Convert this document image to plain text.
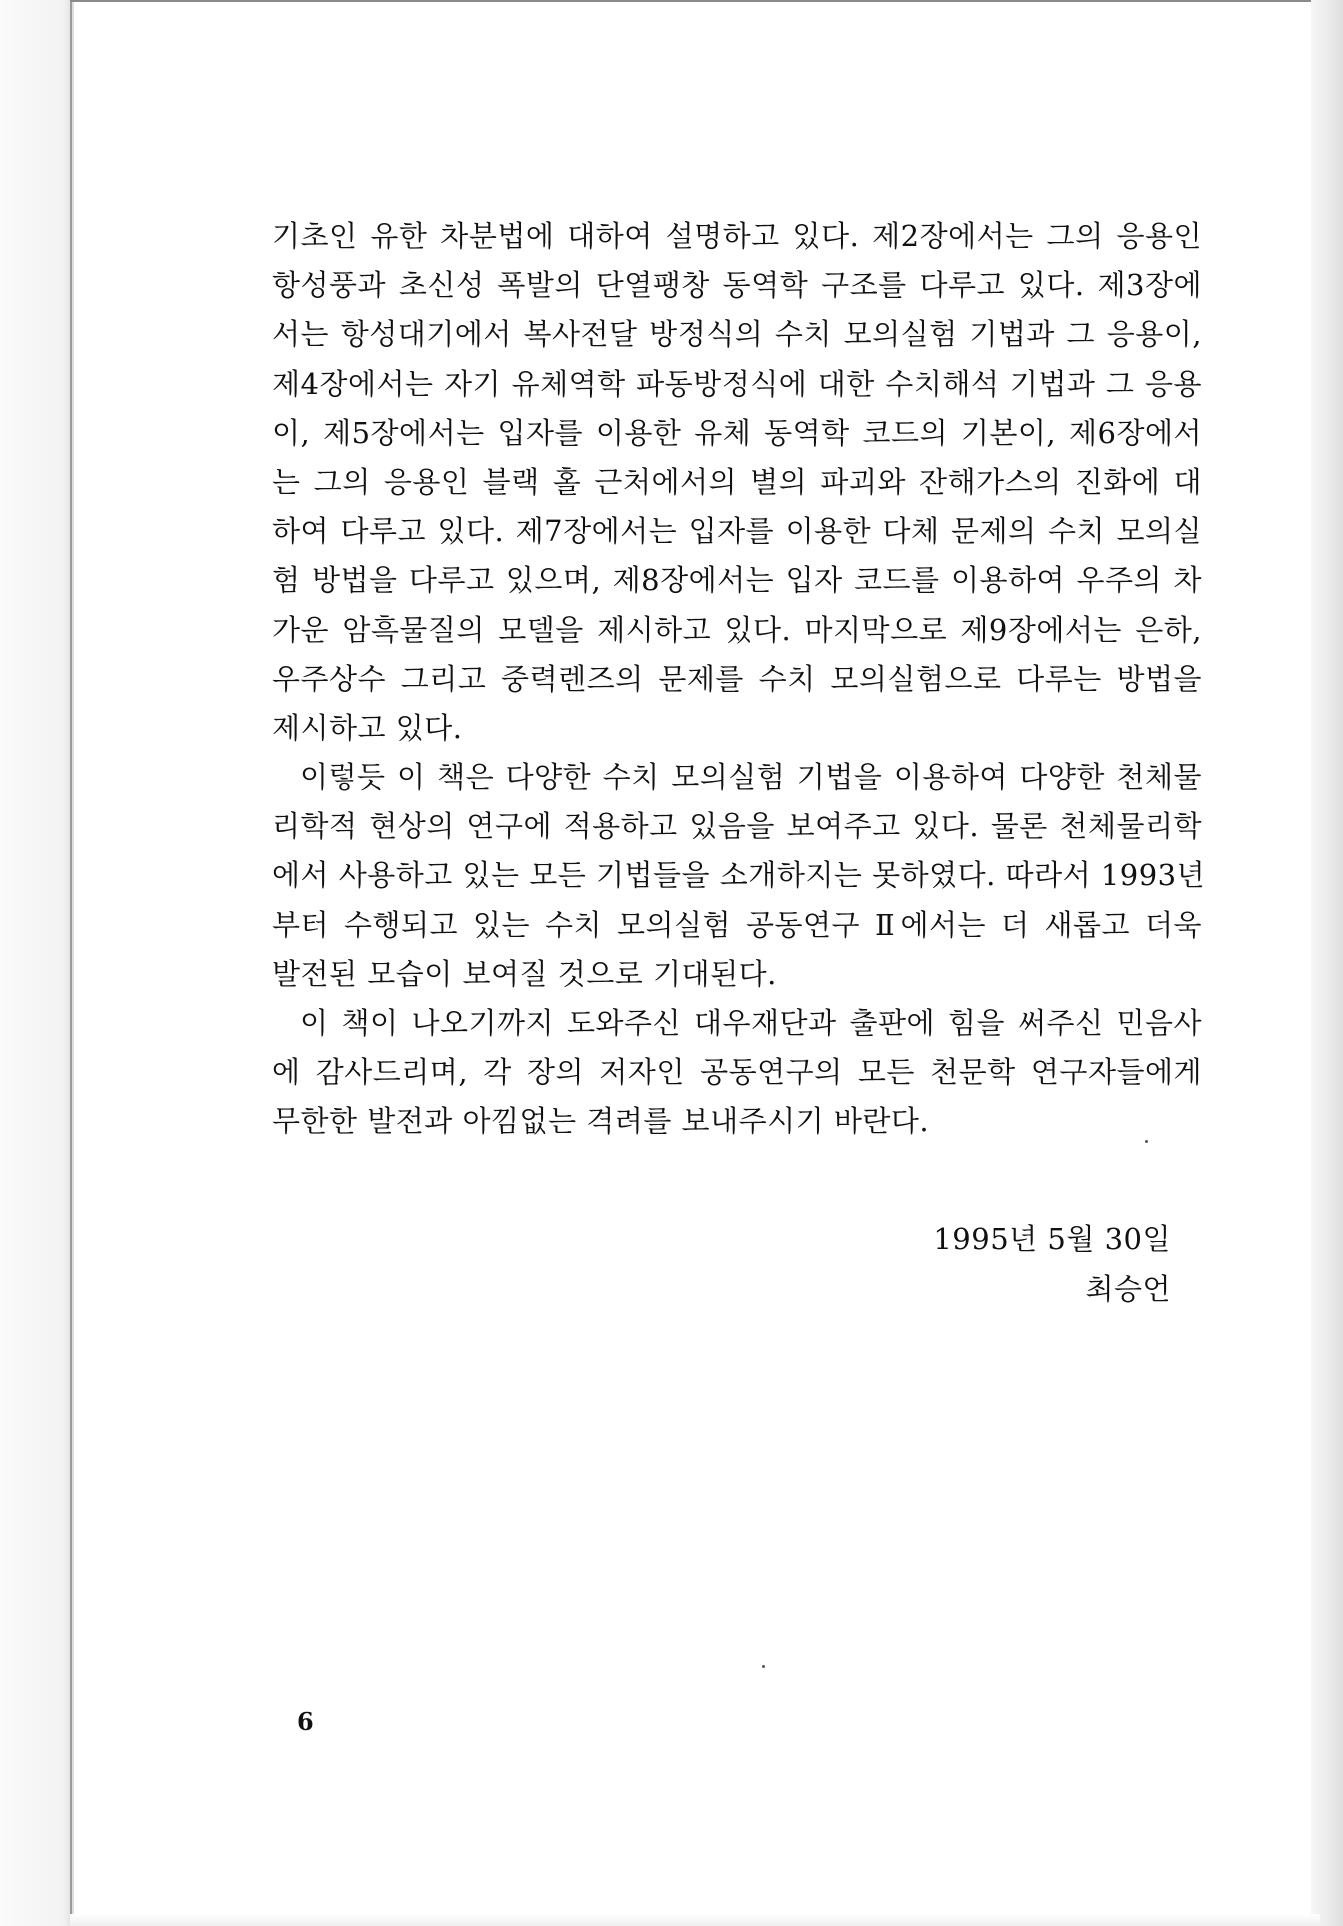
기초인 유한 차분법에 대하여 설명하고 있다. 제2장에서는 그의 응용인
항성풍과 초신성 폭발의 단열팽창 동역학 구조를 다루고 있다. 제3장에
서는 항성대기에서 복사전달 방정식의 수치 모의실험 기법과 그 응용이,
제4장에서는 자기 유체역학 파동방정식에 대한 수치해석 기법과 그 응용
이, 제5장에서는 입자를 이용한 유체 동역학 코드의 기본이, 제6장에서
는 그의 응용인 블랙 홀 근처에서의 별의 파괴와 잔해가스의 진화에 대
하여 다루고 있다. 제7장에서는 입자를 이용한 다체 문제의 수치 모의실
험 방법을 다루고 있으며, 제8장에서는 입자 코드를 이용하여 우주의 차
가운 암흑물질의 모델을 제시하고 있다. 마지막으로 제9장에서는 은하,
우주상수 그리고 중력렌즈의 문제를 수치 모의실험으로 다루는 방법을
제시하고 있다.
이렇듯 이 책은 다양한 수치 모의실험 기법을 이용하여 다양한 천체물
리학적 현상의 연구에 적용하고 있음을 보여주고 있다. 물론 천체물리학
에서 사용하고 있는 모든 기법들을 소개하지는 못하였다. 따라서 1993년
부터 수행되고 있는 수치 모의실험 공동연구 Ⅱ에서는 더 새롭고 더욱
발전된 모습이 보여질 것으로 기대된다.
이 책이 나오기까지 도와주신 대우재단과 출판에 힘을 써주신 민음사
에 감사드리며, 각 장의 저자인 공동연구의 모든 천문학 연구자들에게
무한한 발전과 아낌없는 격려를 보내주시기 바란다.
1995년 5월 30일
최승언
6
